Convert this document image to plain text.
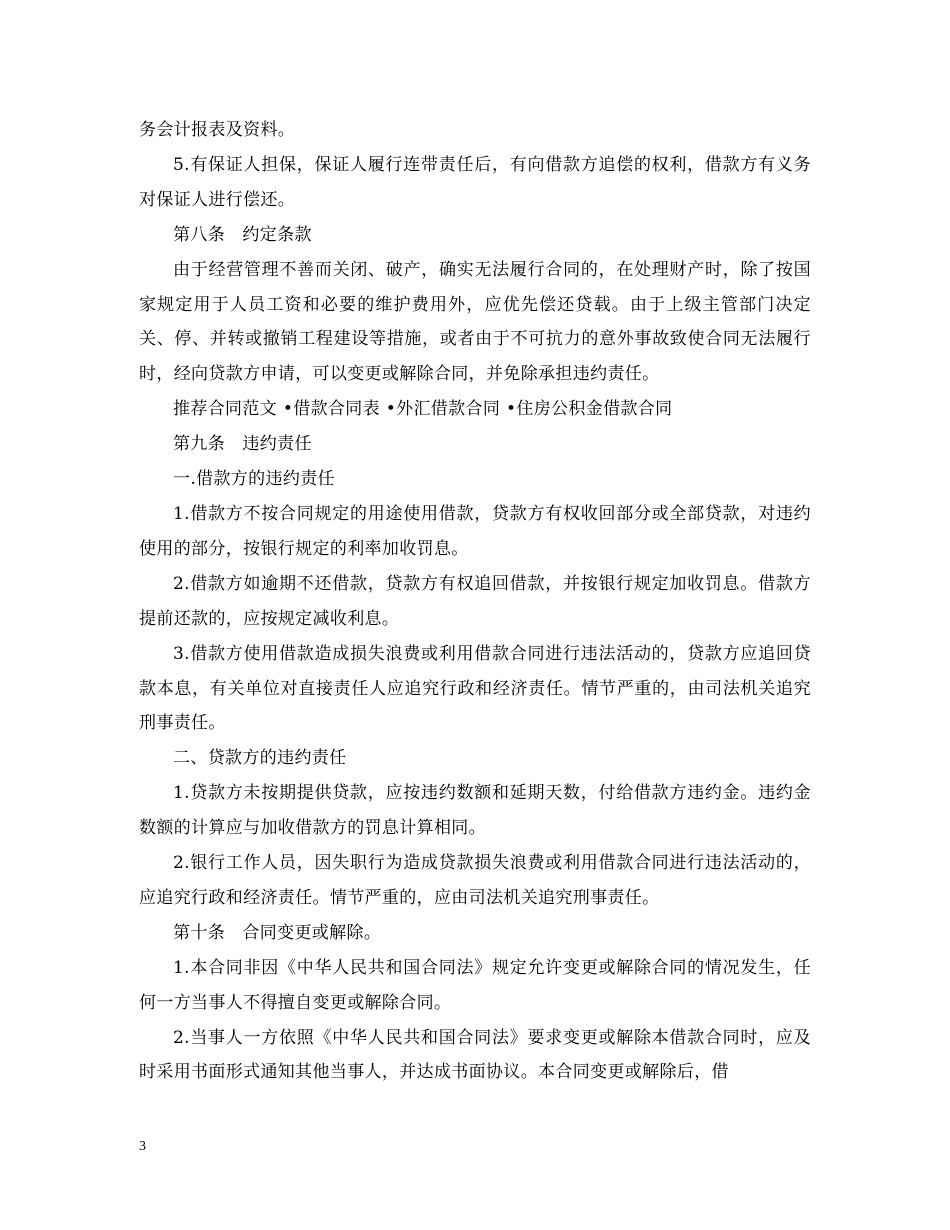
务会计报表及资料。

5.有保证人担保，保证人履行连带责任后，有向借款方追偿的权利，借款方有义务对保证人进行偿还。

第八条　约定条款

由于经营管理不善而关闭、破产，确实无法履行合同的，在处理财产时，除了按国家规定用于人员工资和必要的维护费用外，应优先偿还贷载。由于上级主管部门决定关、停、并转或撤销工程建设等措施，或者由于不可抗力的意外事故致使合同无法履行时，经向贷款方申请，可以变更或解除合同，并免除承担违约责任。

推荐合同范文 •借款合同表 •外汇借款合同 •住房公积金借款合同

第九条　违约责任

一.借款方的违约责任

1.借款方不按合同规定的用途使用借款，贷款方有权收回部分或全部贷款，对违约使用的部分，按银行规定的利率加收罚息。

2.借款方如逾期不还借款，贷款方有权追回借款，并按银行规定加收罚息。借款方提前还款的，应按规定减收利息。

3.借款方使用借款造成损失浪费或利用借款合同进行违法活动的，贷款方应追回贷款本息，有关单位对直接责任人应追究行政和经济责任。情节严重的，由司法机关追究刑事责任。

二、贷款方的违约责任

1.贷款方未按期提供贷款，应按违约数额和延期天数，付给借款方违约金。违约金数额的计算应与加收借款方的罚息计算相同。

2.银行工作人员，因失职行为造成贷款损失浪费或利用借款合同进行违法活动的，应追究行政和经济责任。情节严重的，应由司法机关追究刑事责任。

第十条　合同变更或解除。

1.本合同非因《中华人民共和国合同法》规定允许变更或解除合同的情况发生，任何一方当事人不得擅自变更或解除合同。

2.当事人一方依照《中华人民共和国合同法》要求变更或解除本借款合同时，应及时采用书面形式通知其他当事人，并达成书面协议。本合同变更或解除后，借

3
